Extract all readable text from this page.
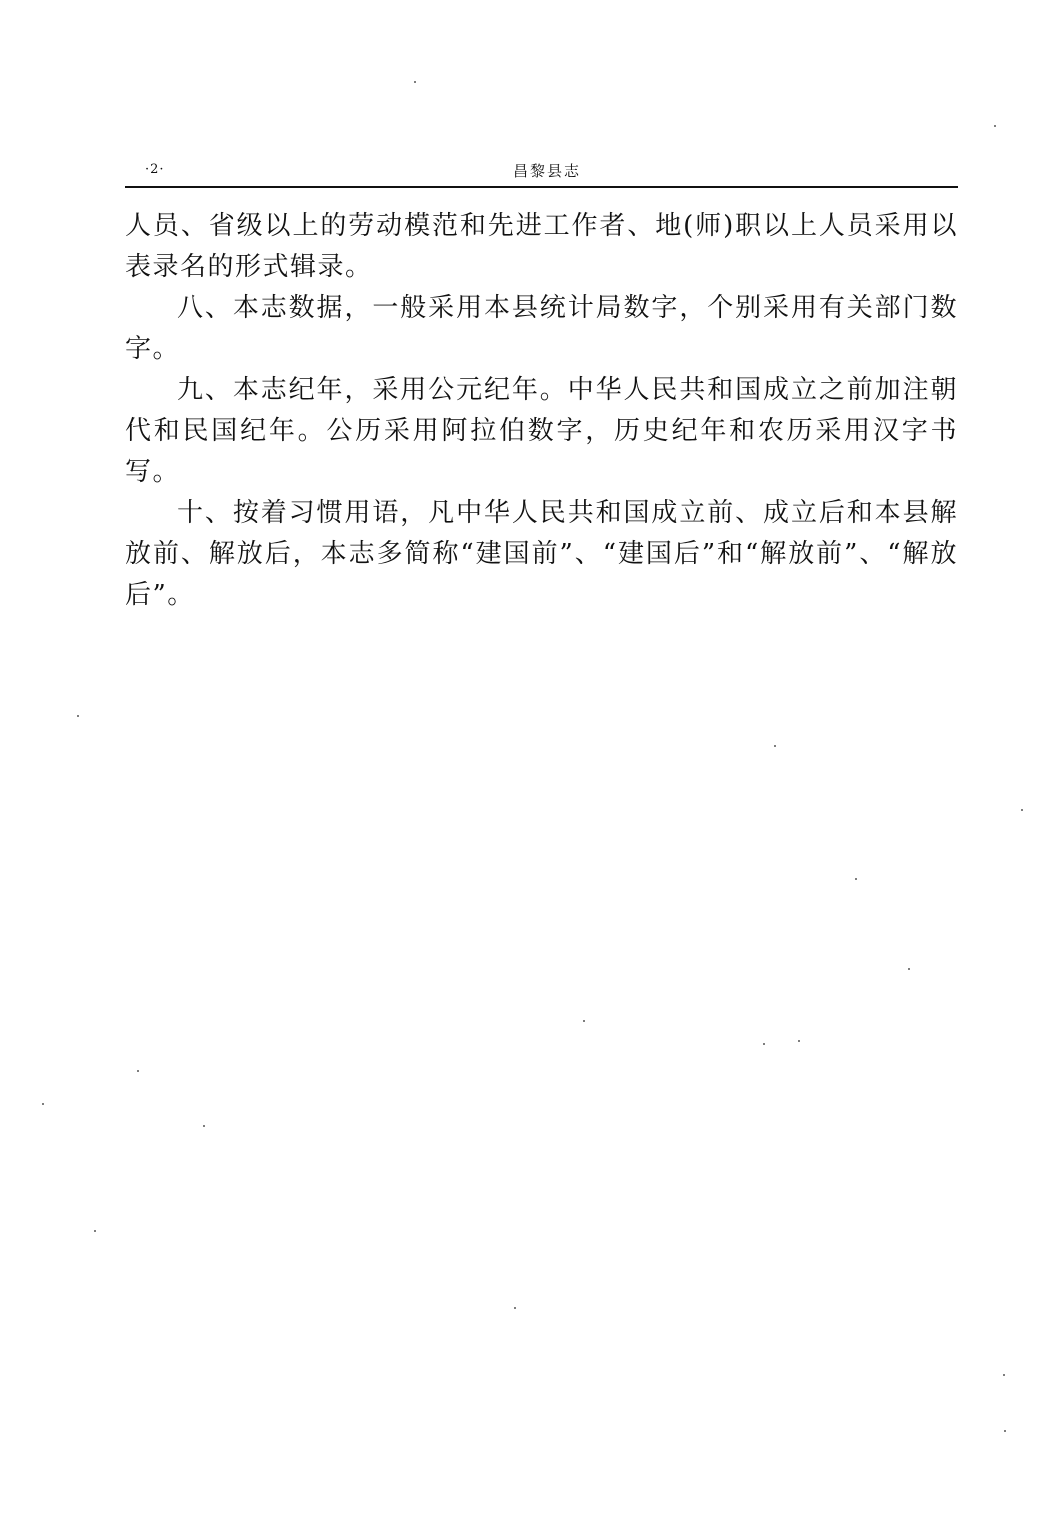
·2·	昌黎县志

人员、省级以上的劳动模范和先进工作者、地(师)职以上人员采用以表录名的形式辑录。

八、本志数据，一般采用本县统计局数字，个别采用有关部门数字。

九、本志纪年，采用公元纪年。中华人民共和国成立之前加注朝代和民国纪年。公历采用阿拉伯数字，历史纪年和农历采用汉字书写。

十、按着习惯用语，凡中华人民共和国成立前、成立后和本县解放前、解放后，本志多简称“建国前”、“建国后”和“解放前”、“解放后”。
